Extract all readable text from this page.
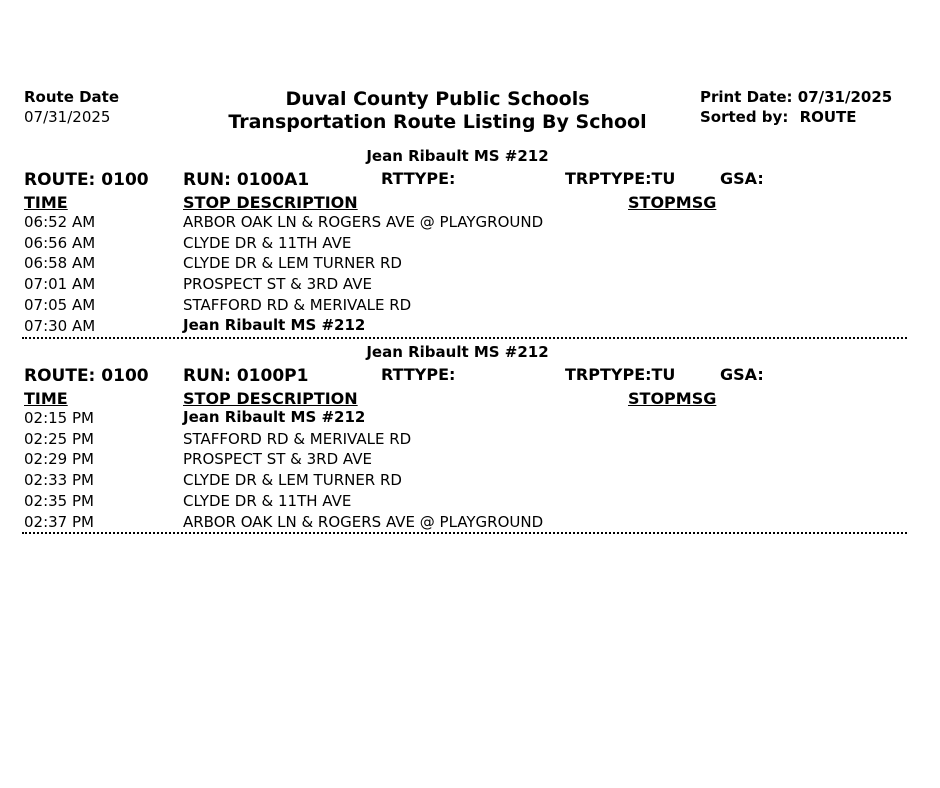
Route Date
07/31/2025
Duval County Public Schools
Transportation Route Listing By School
Print Date: 07/31/2025
Sorted by: ROUTE
Jean Ribault MS #212
ROUTE: 0100 RUN: 0100A1	RTTYPE:	TRPTYPE:TU	GSA:
TIME	STOP DESCRIPTION	STOPMSG
06:52 AM	ARBOR OAK LN & ROGERS AVE @ PLAYGROUND
06:56 AM	CLYDE DR & 11TH AVE
06:58 AM	CLYDE DR & LEM TURNER RD
07:01 AM	PROSPECT ST & 3RD AVE
07:05 AM	STAFFORD RD & MERIVALE RD
07:30 AM	Jean Ribault MS #212
Jean Ribault MS #212
ROUTE: 0100 RUN: 0100P1	RTTYPE:	TRPTYPE:TU	GSA:
TIME	STOP DESCRIPTION	STOPMSG
02:15 PM	Jean Ribault MS #212
02:25 PM	STAFFORD RD & MERIVALE RD
02:29 PM	PROSPECT ST & 3RD AVE
02:33 PM	CLYDE DR & LEM TURNER RD
02:35 PM	CLYDE DR & 11TH AVE
02:37 PM	ARBOR OAK LN & ROGERS AVE @ PLAYGROUND
